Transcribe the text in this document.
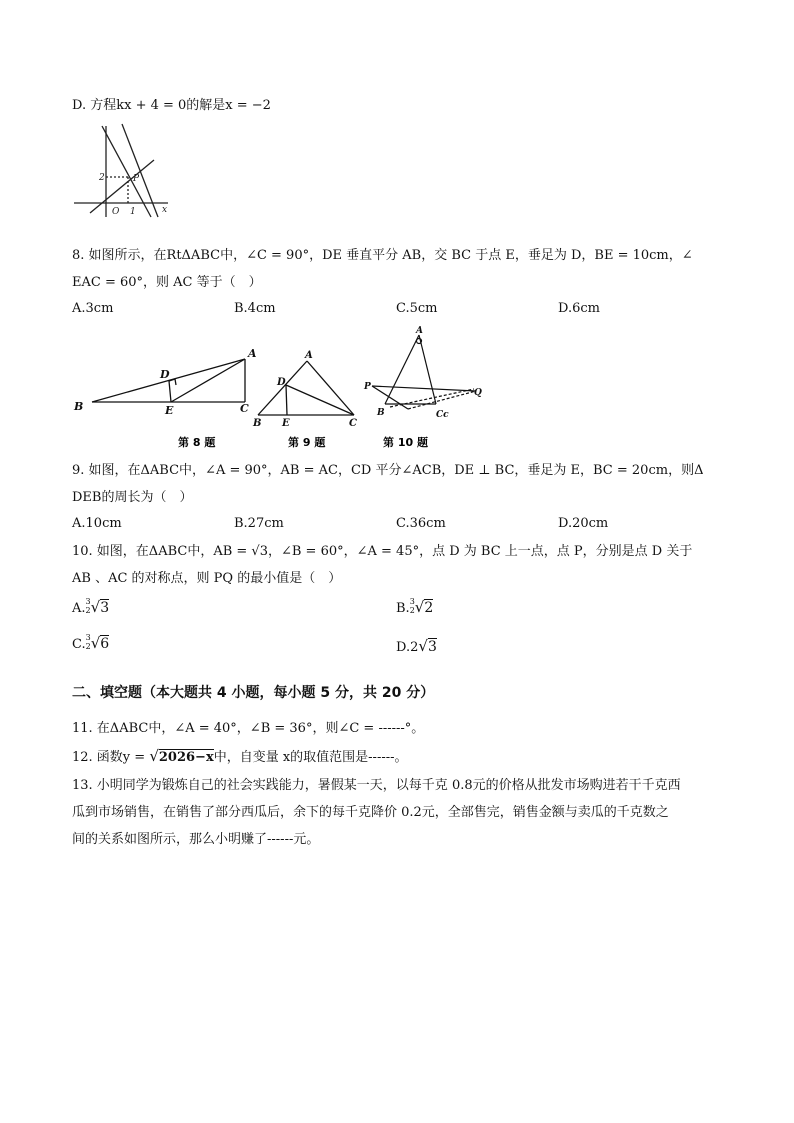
D. 方程kx + 4 = 0的解是x = −2
2	P
O 1	x
8. 如图所示，在RtΔABC中，∠C = 90°，DE 垂直平分 AB，交 BC 于点 E，垂足为 D，BE = 10cm，∠
EAC = 60°，则 AC 等于（　）
A.3cm	B.4cm	C.5cm	D.6cm
A
B	C
D
E
第 8 题
A
B	C
D
E
第 9 题
A
B	Cc
P
Q
第 10 题
9. 如图，在ΔABC中，∠A = 90°，AB = AC，CD 平分∠ACB，DE ⊥ BC，垂足为 E，BC = 20cm，则Δ
DEB的周长为（　）
A.10cm	B.27cm	C.36cm	D.20cm
10. 如图，在ΔABC中，AB = √3，∠B = 60°，∠A = 45°，点 D 为 BC 上一点，点 P，分别是点 D 关于
AB 、AC 的对称点，则 PQ 的最小值是（　）
A. 3
2 √3	B. 3
2 √2
C. 3
2 √6	D.2√3
二、填空题（本大题共 4 小题，每小题 5 分，共 20 分）
11. 在ΔABC中，∠A = 40°，∠B = 36°，则∠C = ------°。
12. 函数y = √2026−x中，自变量 x的取值范围是------。
13. 小明同学为锻炼自己的社会实践能力，暑假某一天，以每千克 0.8元的价格从批发市场购进若干千克西
瓜到市场销售，在销售了部分西瓜后，余下的每千克降价 0.2元，全部售完，销售金额与卖瓜的千克数之
间的关系如图所示，那么小明赚了------元。
